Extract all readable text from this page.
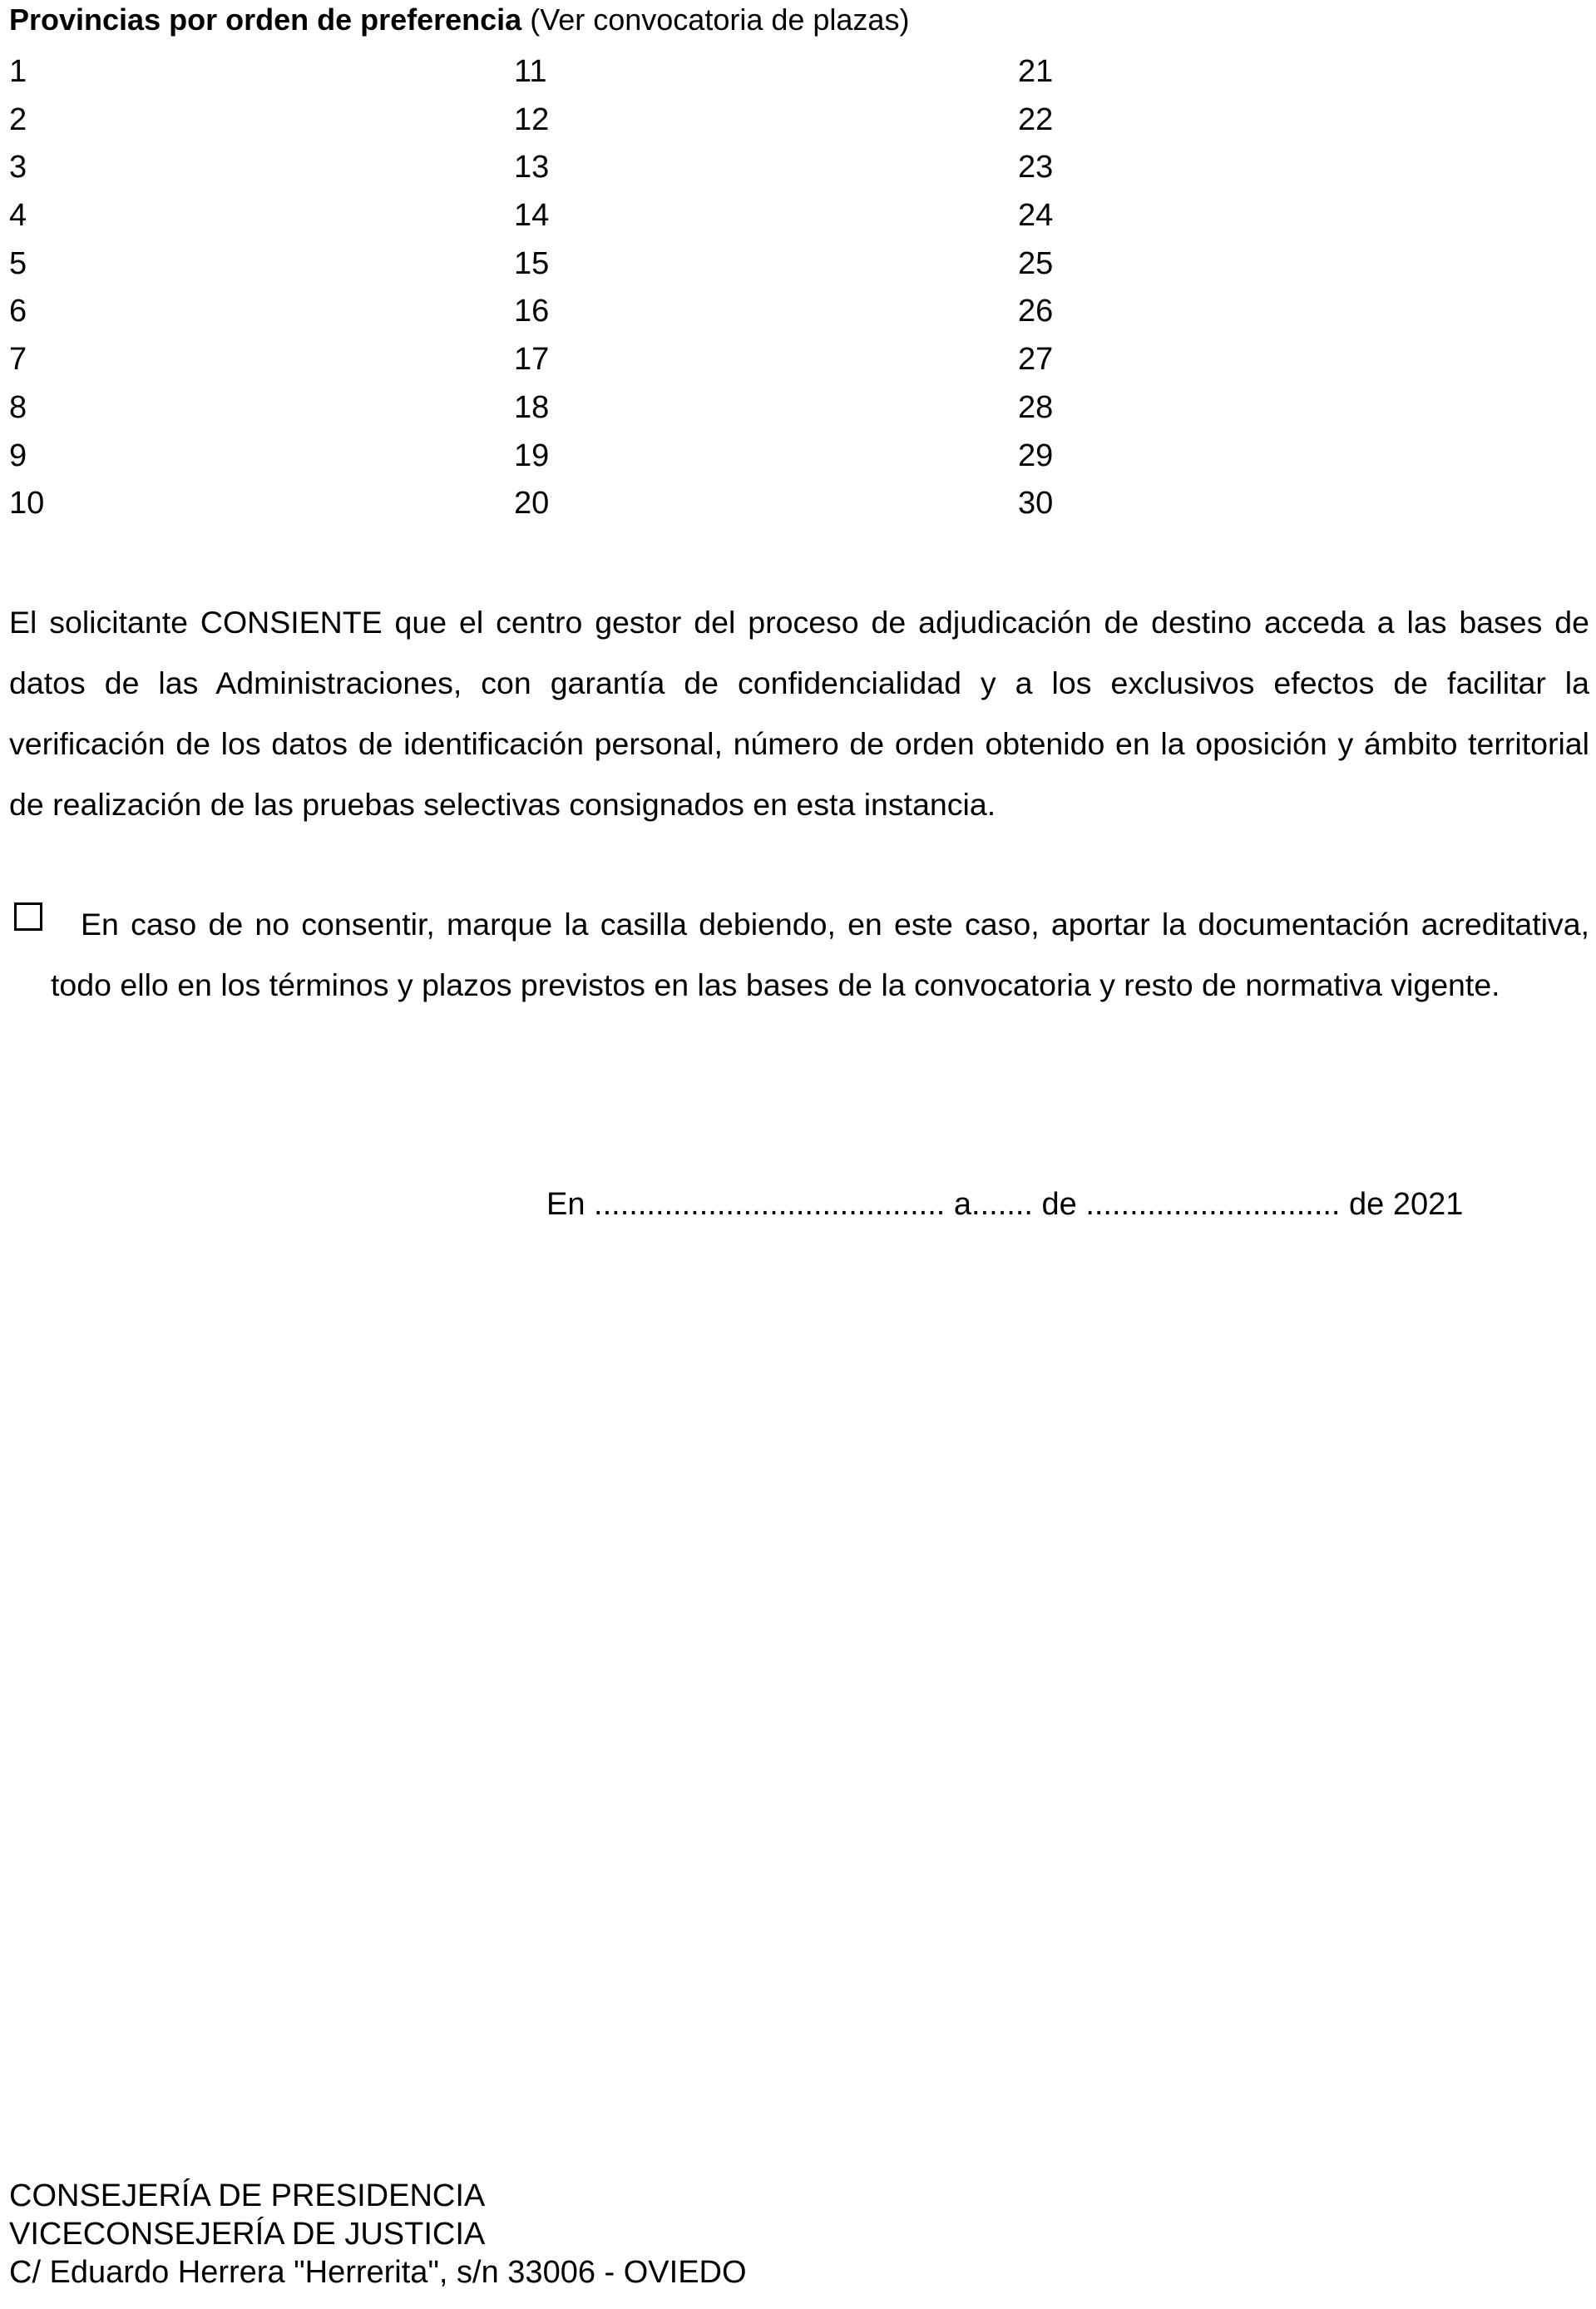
Provincias por orden de preferencia (Ver convocatoria de plazas)
1
2
3
4
5
6
7
8
9
10
11
12
13
14
15
16
17
18
19
20
21
22
23
24
25
26
27
28
29
30
El solicitante CONSIENTE que el centro gestor del proceso de adjudicación de destino acceda a las bases de datos de las Administraciones, con garantía de confidencialidad y a los exclusivos efectos de facilitar la verificación de los datos de identificación personal, número de orden obtenido en la oposición y ámbito territorial de realización de las pruebas selectivas consignados en esta instancia.
En caso de no consentir, marque la casilla debiendo, en este caso, aportar la documentación acreditativa, todo ello en los términos y plazos previstos en las bases de la convocatoria y resto de normativa vigente.
En ........................................ a....... de ............................. de 2021
CONSEJERÍA DE PRESIDENCIA
VICECONSEJERÍA DE JUSTICIA
C/ Eduardo Herrera "Herrerita", s/n 33006 - OVIEDO
